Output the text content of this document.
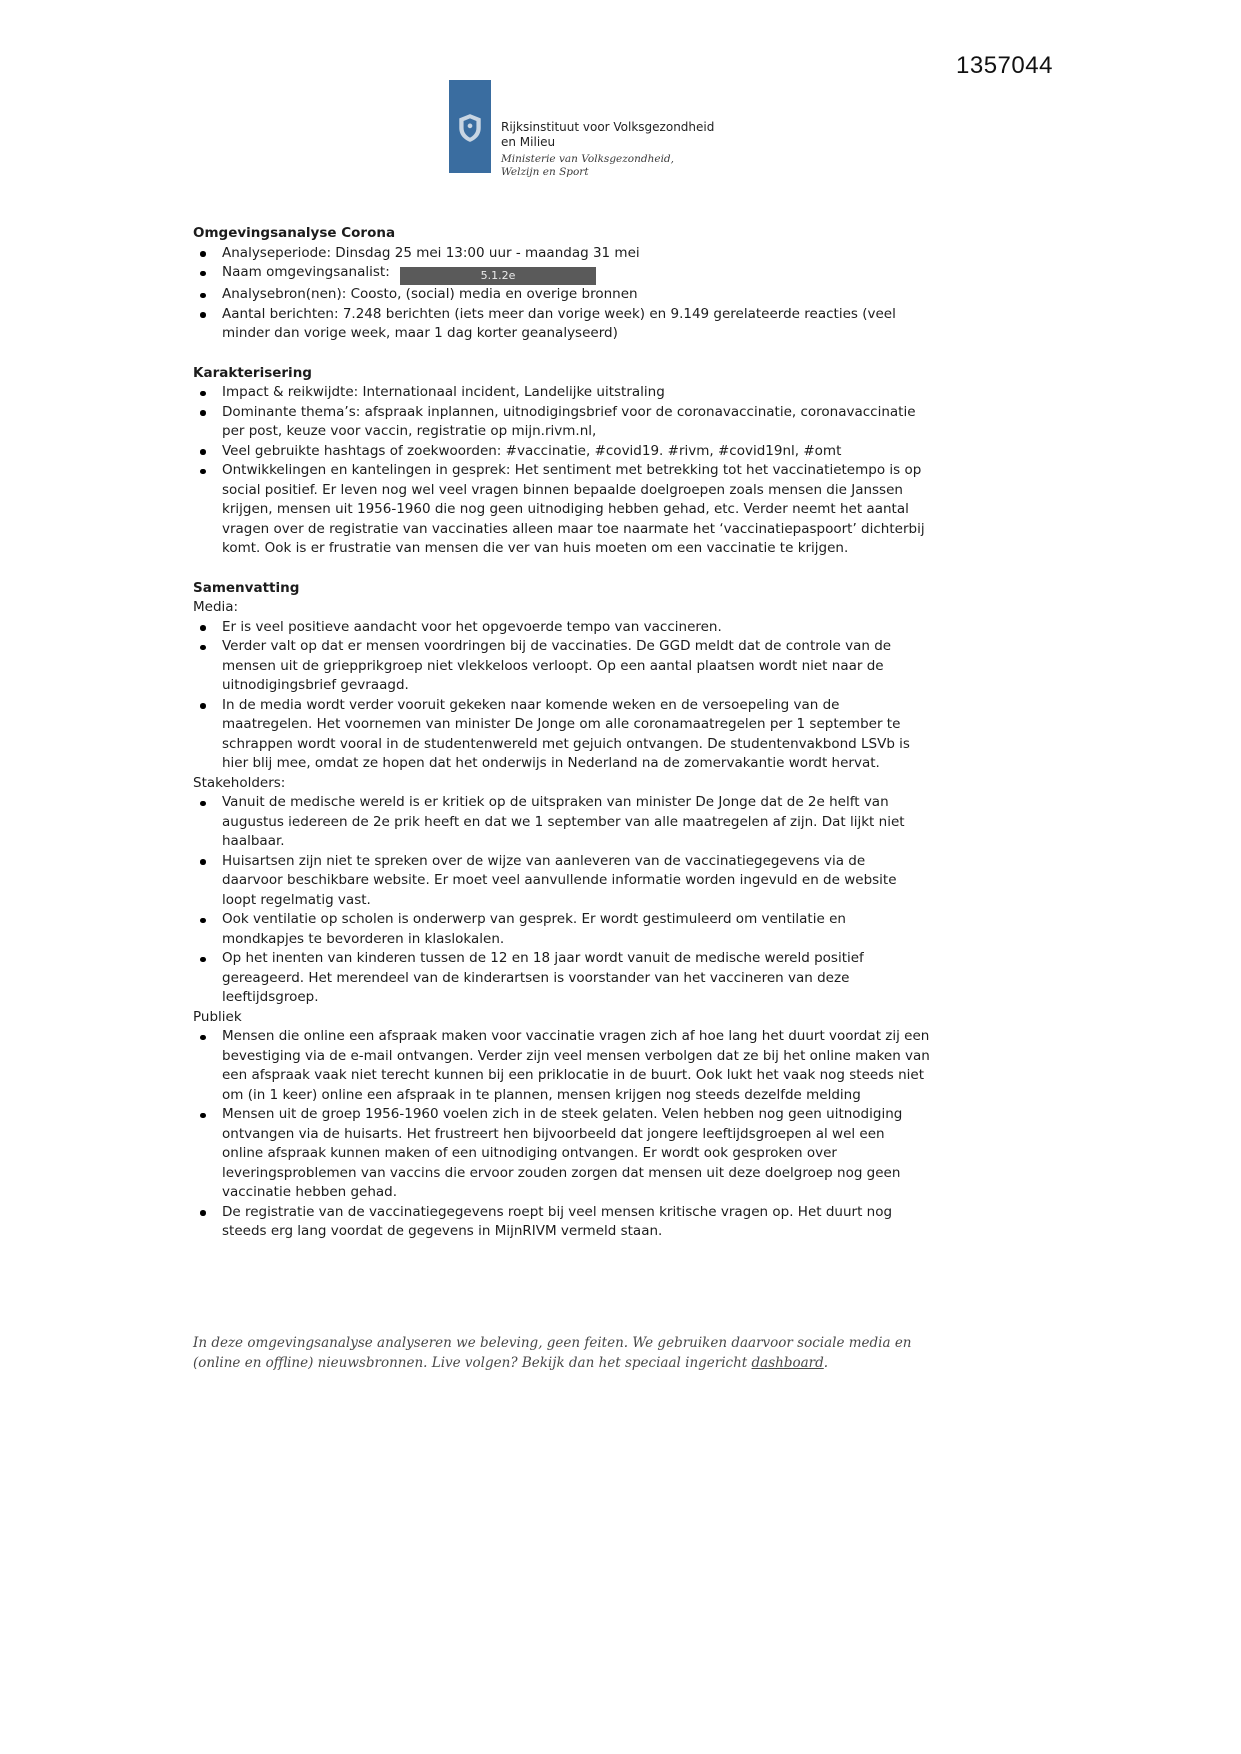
1357044
Rijksinstituut voor Volksgezondheid
en Milieu
Ministerie van Volksgezondheid,
Welzijn en Sport
Omgevingsanalyse Corona
Analyseperiode: Dinsdag 25 mei 13:00 uur - maandag 31 mei
Naam omgevingsanalist:	5.1.2e
Analysebron(nen): Coosto, (social) media en overige bronnen
Aantal berichten: 7.248 berichten (iets meer dan vorige week) en 9.149 gerelateerde reacties (veel minder dan vorige week, maar 1 dag korter geanalyseerd)
Karakterisering
Impact & reikwijdte: Internationaal incident, Landelijke uitstraling
Dominante thema’s: afspraak inplannen, uitnodigingsbrief voor de coronavaccinatie, coronavaccinatie per post, keuze voor vaccin, registratie op mijn.rivm.nl,
Veel gebruikte hashtags of zoekwoorden: #vaccinatie, #covid19. #rivm, #covid19nl, #omt
Ontwikkelingen en kantelingen in gesprek: Het sentiment met betrekking tot het vaccinatietempo is op social positief. Er leven nog wel veel vragen binnen bepaalde doelgroepen zoals mensen die Janssen krijgen, mensen uit 1956-1960 die nog geen uitnodiging hebben gehad, etc. Verder neemt het aantal vragen over de registratie van vaccinaties alleen maar toe naarmate het ‘vaccinatiepaspoort’ dichterbij komt. Ook is er frustratie van mensen die ver van huis moeten om een vaccinatie te krijgen.
Samenvatting
Media:
Er is veel positieve aandacht voor het opgevoerde tempo van vaccineren.
Verder valt op dat er mensen voordringen bij de vaccinaties. De GGD meldt dat de controle van de mensen uit de griepprikgroep niet vlekkeloos verloopt. Op een aantal plaatsen wordt niet naar de uitnodigingsbrief gevraagd.
In de media wordt verder vooruit gekeken naar komende weken en de versoepeling van de maatregelen. Het voornemen van minister De Jonge om alle coronamaatregelen per 1 september te schrappen wordt vooral in de studentenwereld met gejuich ontvangen. De studentenvakbond LSVb is hier blij mee, omdat ze hopen dat het onderwijs in Nederland na de zomervakantie wordt hervat.
Stakeholders:
Vanuit de medische wereld is er kritiek op de uitspraken van minister De Jonge dat de 2e helft van augustus iedereen de 2e prik heeft en dat we 1 september van alle maatregelen af zijn. Dat lijkt niet haalbaar.
Huisartsen zijn niet te spreken over de wijze van aanleveren van de vaccinatiegegevens via de daarvoor beschikbare website. Er moet veel aanvullende informatie worden ingevuld en de website loopt regelmatig vast.
Ook ventilatie op scholen is onderwerp van gesprek. Er wordt gestimuleerd om ventilatie en mondkapjes te bevorderen in klaslokalen.
Op het inenten van kinderen tussen de 12 en 18 jaar wordt vanuit de medische wereld positief gereageerd. Het merendeel van de kinderartsen is voorstander van het vaccineren van deze leeftijdsgroep.
Publiek
Mensen die online een afspraak maken voor vaccinatie vragen zich af hoe lang het duurt voordat zij een bevestiging via de e-mail ontvangen. Verder zijn veel mensen verbolgen dat ze bij het online maken van een afspraak vaak niet terecht kunnen bij een priklocatie in de buurt. Ook lukt het vaak nog steeds niet om (in 1 keer) online een afspraak in te plannen, mensen krijgen nog steeds dezelfde melding
Mensen uit de groep 1956-1960 voelen zich in de steek gelaten. Velen hebben nog geen uitnodiging ontvangen via de huisarts. Het frustreert hen bijvoorbeeld dat jongere leeftijdsgroepen al wel een online afspraak kunnen maken of een uitnodiging ontvangen. Er wordt ook gesproken over leveringsproblemen van vaccins die ervoor zouden zorgen dat mensen uit deze doelgroep nog geen vaccinatie hebben gehad.
De registratie van de vaccinatiegegevens roept bij veel mensen kritische vragen op. Het duurt nog steeds erg lang voordat de gegevens in MijnRIVM vermeld staan.
In deze omgevingsanalyse analyseren we beleving, geen feiten. We gebruiken daarvoor sociale media en (online en offline) nieuwsbronnen. Live volgen? Bekijk dan het speciaal ingericht dashboard.
